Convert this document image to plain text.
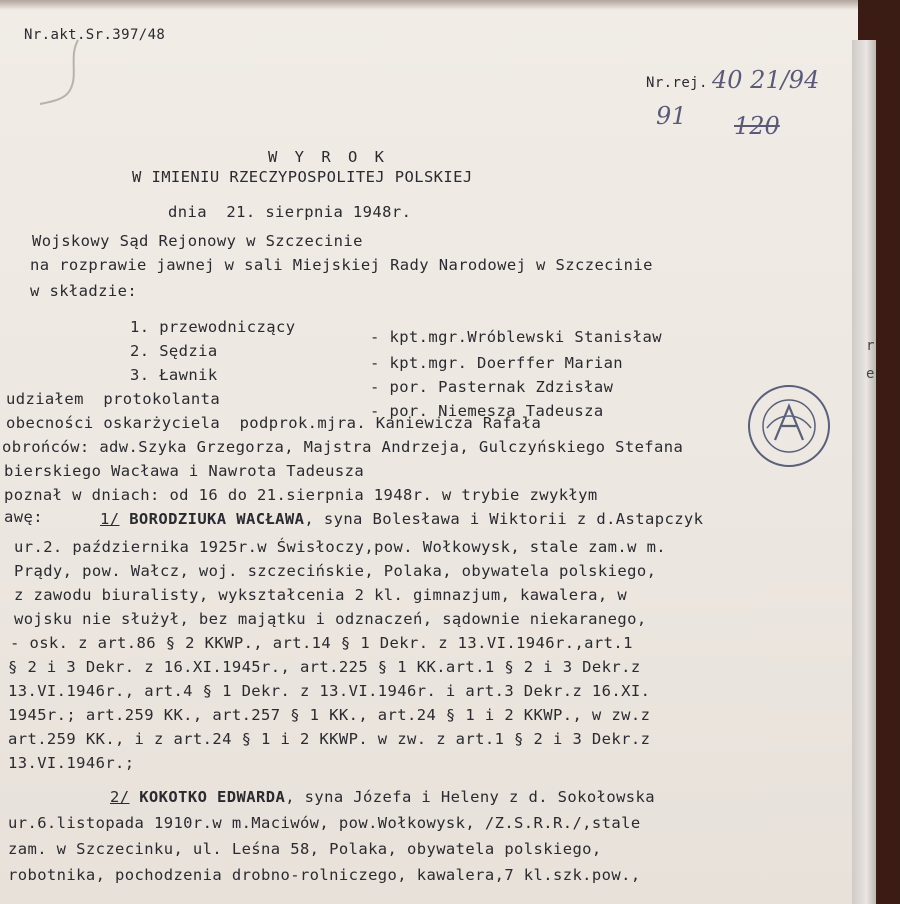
Nr.akt.Sr.397/48
Nr.rej. 40 21/94
91 120
W Y R O K
W IMIENIU RZECZYPOSPOLITEJ POLSKIEJ
dnia  21. sierpnia 1948r.
Wojskowy Sąd Rejonowy w Szczecinie
na rozprawie jawnej w sali Miejskiej Rady Narodowej w Szczecinie
w składzie:
1. przewodniczący
- kpt.mgr.Wróblewski Stanisław
2. Sędzia
- kpt.mgr. Doerffer Marian
3. Ławnik
- por. Pasternak Zdzisław
udziałem  protokolanta
- por. Niemesza Tadeusza
obecności oskarżyciela  podprok.mjra. Kaniewicza Rafała
obrońców: adw.Szyka Grzegorza, Majstra Andrzeja, Gulczyńskiego Stefana
bierskiego Wacława i Nawrota Tadeusza
poznał w dniach: od 16 do 21.sierpnia 1948r. w trybie zwykłym
awę:	1/ BORODZIUKA WACŁAWA, syna Bolesława i Wiktorii z d.Astapczyk
ur.2. października 1925r.w Świsłoczy,pow. Wołkowysk, stale zam.w m.
Prądy, pow. Wałcz, woj. szczecińskie, Polaka, obywatela polskiego,
z zawodu biuralisty, wykształcenia 2 kl. gimnazjum, kawalera, w
wojsku nie służył, bez majątku i odznaczeń, sądownie niekaranego,
- osk. z art.86 § 2 KKWP., art.14 § 1 Dekr. z 13.VI.1946r.,art.1
§ 2 i 3 Dekr. z 16.XI.1945r., art.225 § 1 KK.art.1 § 2 i 3 Dekr.z
13.VI.1946r., art.4 § 1 Dekr. z 13.VI.1946r. i art.3 Dekr.z 16.XI.
1945r.; art.259 KK., art.257 § 1 KK., art.24 § 1 i 2 KKWP., w zw.z
art.259 KK., i z art.24 § 1 i 2 KKWP. w zw. z art.1 § 2 i 3 Dekr.z
13.VI.1946r.;
2/ KOKOTKO EDWARDA, syna Józefa i Heleny z d. Sokołowska
ur.6.listopada 1910r.w m.Maciwów, pow.Wołkowysk, /Z.S.R.R./,stale
zam. w Szczecinku, ul. Leśna 58, Polaka, obywatela polskiego,
robotnika, pochodzenia drobno-rolniczego, kawalera,7 kl.szk.pow.,
r
e
